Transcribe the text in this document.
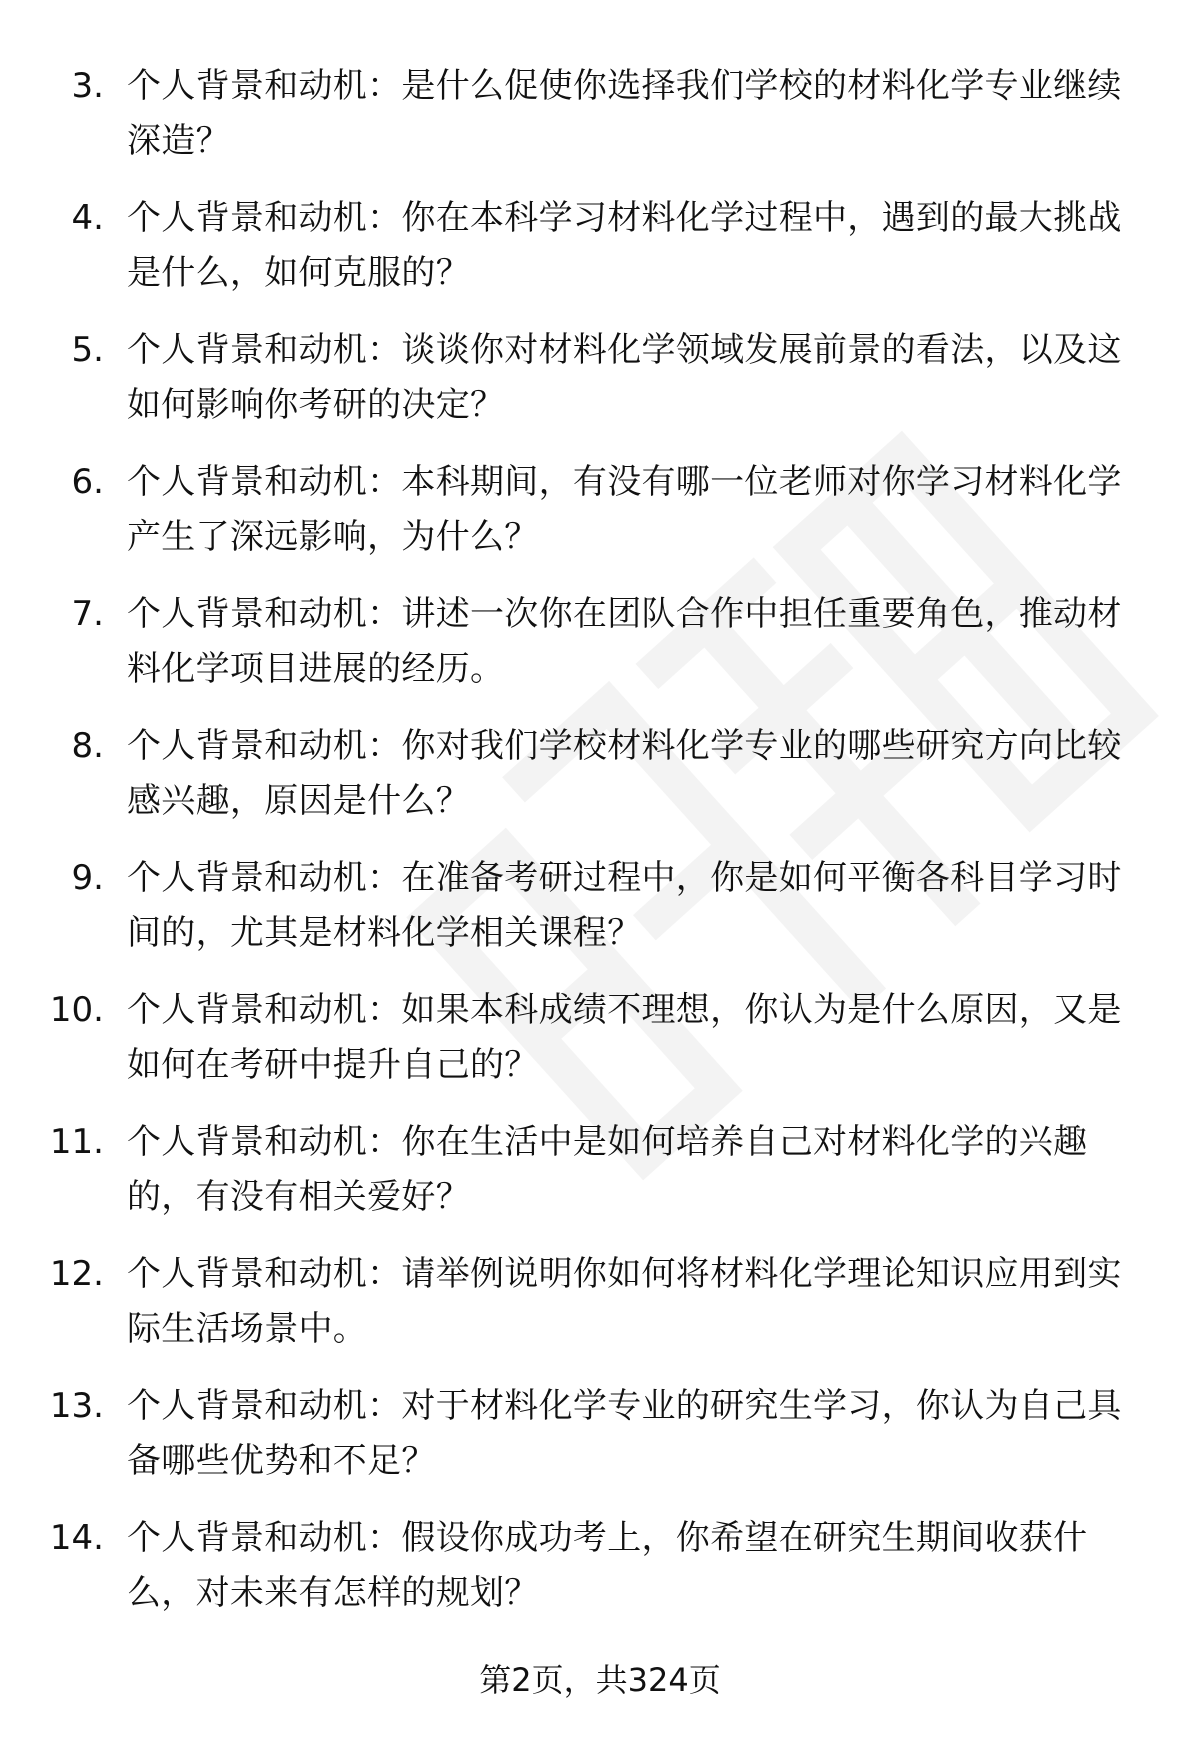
3. 个人背景和动机：是什么促使你选择我们学校的材料化学专业继续深造？
4. 个人背景和动机：你在本科学习材料化学过程中，遇到的最大挑战是什么，如何克服的？
5. 个人背景和动机：谈谈你对材料化学领域发展前景的看法，以及这如何影响你考研的决定？
6. 个人背景和动机：本科期间，有没有哪一位老师对你学习材料化学产生了深远影响，为什么？
7. 个人背景和动机：讲述一次你在团队合作中担任重要角色，推动材料化学项目进展的经历。
8. 个人背景和动机：你对我们学校材料化学专业的哪些研究方向比较感兴趣，原因是什么？
9. 个人背景和动机：在准备考研过程中，你是如何平衡各科目学习时间的，尤其是材料化学相关课程？
10. 个人背景和动机：如果本科成绩不理想，你认为是什么原因，又是如何在考研中提升自己的？
11. 个人背景和动机：你在生活中是如何培养自己对材料化学的兴趣的，有没有相关爱好？
12. 个人背景和动机：请举例说明你如何将材料化学理论知识应用到实际生活场景中。
13. 个人背景和动机：对于材料化学专业的研究生学习，你认为自己具备哪些优势和不足？
14. 个人背景和动机：假设你成功考上，你希望在研究生期间收获什么，对未来有怎样的规划？
第2页，共324页
